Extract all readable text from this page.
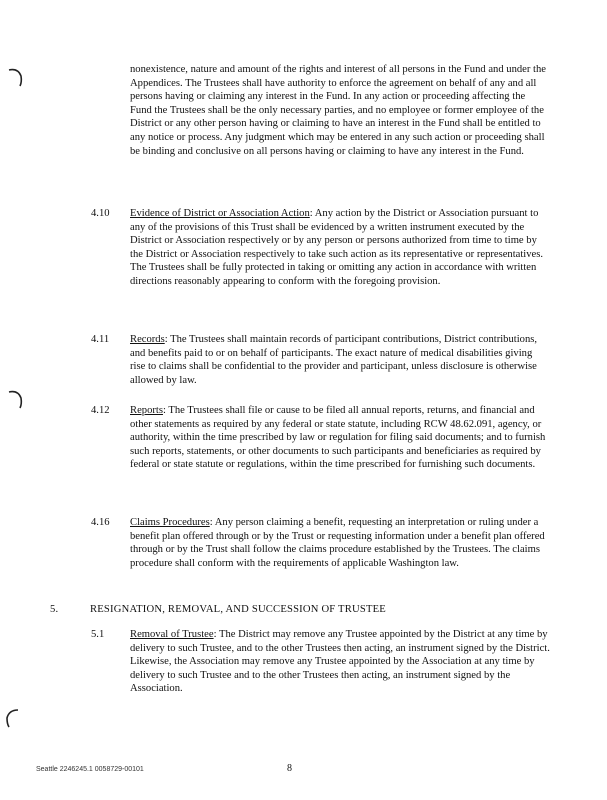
nonexistence, nature and amount of the rights and interest of all persons in the Fund and under the Appendices. The Trustees shall have authority to enforce the agreement on behalf of any and all persons having or claiming any interest in the Fund. In any action or proceeding affecting the Fund the Trustees shall be the only necessary parties, and no employee or former employee of the District or any other person having or claiming to have an interest in the Fund shall be entitled to any notice or process. Any judgment which may be entered in any such action or proceeding shall be binding and conclusive on all persons having or claiming to have any interest in the Fund.
4.10 Evidence of District or Association Action: Any action by the District or Association pursuant to any of the provisions of this Trust shall be evidenced by a written instrument executed by the District or Association respectively or by any person or persons authorized from time to time by the District or Association respectively to take such action as its representative or representatives. The Trustees shall be fully protected in taking or omitting any action in accordance with written directions reasonably appearing to conform with the foregoing provision.
4.11 Records: The Trustees shall maintain records of participant contributions, District contributions, and benefits paid to or on behalf of participants. The exact nature of medical disabilities giving rise to claims shall be confidential to the provider and participant, unless disclosure is otherwise allowed by law.
4.12 Reports: The Trustees shall file or cause to be filed all annual reports, returns, and financial and other statements as required by any federal or state statute, including RCW 48.62.091, agency, or authority, within the time prescribed by law or regulation for filing said documents; and to furnish such reports, statements, or other documents to such participants and beneficiaries as required by federal or state statute or regulations, within the time prescribed for furnishing such documents.
4.16 Claims Procedures: Any person claiming a benefit, requesting an interpretation or ruling under a benefit plan offered through or by the Trust or requesting information under a benefit plan offered through or by the Trust shall follow the claims procedure established by the Trustees. The claims procedure shall conform with the requirements of applicable Washington law.
5.	RESIGNATION, REMOVAL, AND SUCCESSION OF TRUSTEE
5.1 Removal of Trustee: The District may remove any Trustee appointed by the District at any time by delivery to such Trustee, and to the other Trustees then acting, an instrument signed by the District. Likewise, the Association may remove any Trustee appointed by the Association at any time by delivery to such Trustee and to the other Trustees then acting, an instrument signed by the Association.
Seattle 2246245.1 0058729-00101	8
